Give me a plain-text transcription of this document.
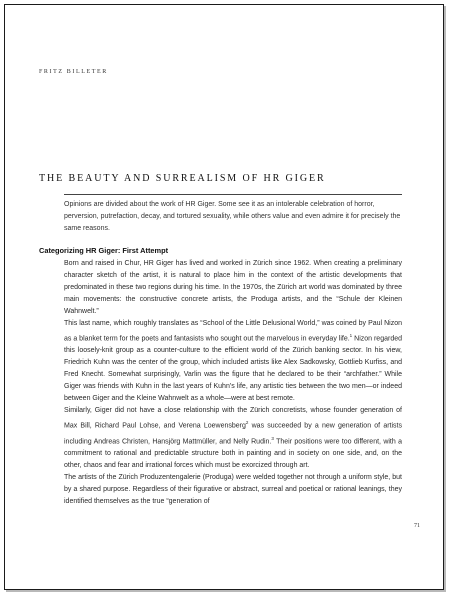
FRITZ BILLETER
THE BEAUTY AND SURREALISM OF HR GIGER

Opinions are divided about the work of HR Giger. Some see it as an intolerable celebration of horror, perversion, putrefaction, decay, and tortured sexuality, while others value and even admire it for precisely the same reasons.

Categorizing HR Giger: First Attempt

Born and raised in Chur, HR Giger has lived and worked in Zürich since 1962. When creating a preliminary character sketch of the artist, it is natural to place him in the context of the artistic developments that predominated in these two regions during his time. In the 1970s, the Zürich art world was dominated by three main movements: the constructive concrete artists, the Produga artists, and the “Schule der Kleinen Wahnwelt.”

This last name, which roughly translates as “School of the Little Delusional World,” was coined by Paul Nizon as a blanket term for the poets and fantasists who sought out the marvelous in everyday life.$^1$ Nizon regarded this loosely-knit group as a counter-culture to the efficient world of the Zürich banking sector. In his view, Friedrich Kuhn was the center of the group, which included artists like Alex Sadkowsky, Gottlieb Kurfiss, and Fred Knecht. Somewhat surprisingly, Varlin was the figure that he declared to be their “archfather.” While Giger was friends with Kuhn in the last years of Kuhn’s life, any artistic ties between the two men—or indeed between Giger and the Kleine Wahnwelt as a whole—were at best remote.

Similarly, Giger did not have a close relationship with the Zürich concretists, whose founder generation of Max Bill, Richard Paul Lohse, and Verena Loewensberg$^2$ was succeeded by a new generation of artists including Andreas Christen, Hansjörg Mattmüller, and Nelly Rudin.$^3$ Their positions were too different, with a commitment to rational and predictable structure both in painting and in society on one side, and, on the other, chaos and fear and irrational forces which must be exorcized through art.

The artists of the Zürich Produzentengalerie (Produga) were welded together not through a uniform style, but by a shared purpose. Regardless of their figurative or abstract, surreal and poetical or rational leanings, they identified themselves as the true “generation of

71
